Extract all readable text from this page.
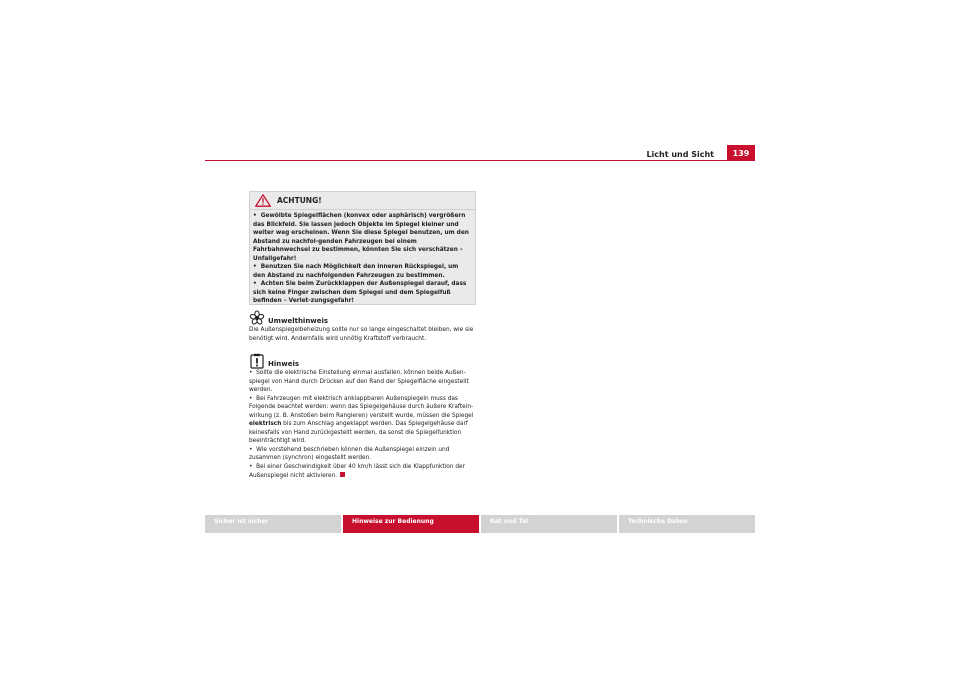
Licht und Sicht	139
ACHTUNG!

•  Gewölbte Spiegelflächen (konvex oder asphärisch) vergrößern das Blickfeld. Sie lassen jedoch Objekte im Spiegel kleiner und weiter weg erscheinen. Wenn Sie diese Spiegel benutzen, um den Abstand zu nachfol-genden Fahrzeugen bei einem Fahrbahnwechsel zu bestimmen, könnten Sie sich verschätzen – Unfallgefahr!

•  Benutzen Sie nach Möglichkeit den inneren Rückspiegel, um den Abstand zu nachfolgenden Fahrzeugen zu bestimmen.

•  Achten Sie beim Zurückklappen der Außenspiegel darauf, dass sich keine Finger zwischen dem Spiegel und dem Spiegelfuß befinden – Verlet-zungsgefahr!

Umwelthinweis

Die Außenspiegelbeheizung sollte nur so lange eingeschaltet bleiben, wie sie benötigt wird. Andernfalls wird unnötig Kraftstoff verbraucht.

Hinweis

•  Sollte die elektrische Einstellung einmal ausfallen, können beide Außen-spiegel von Hand durch Drücken auf den Rand der Spiegelfläche eingestellt werden.

•  Bei Fahrzeugen mit elektrisch anklappbaren Außenspiegeln muss das Folgende beachtet werden: wenn das Spiegelgehäuse durch äußere Kraftein-wirkung (z. B. Anstoßen beim Rangieren) verstellt wurde, müssen die Spiegel elektrisch bis zum Anschlag angeklappt werden. Das Spiegelgehäuse darf keinesfalls von Hand zurückgestellt werden, da sonst die Spiegelfunktion beeinträchtigt wird.

•  Wie vorstehend beschrieben können die Außenspiegel einzeln und zusammen (synchron) eingestellt werden.

•  Bei einer Geschwindigkeit über 40 km/h lässt sich die Klappfunktion der Außenspiegel nicht aktivieren.

Sicher ist sicher	Hinweise zur Bedienung	Rat und Tat	Technische Daten
